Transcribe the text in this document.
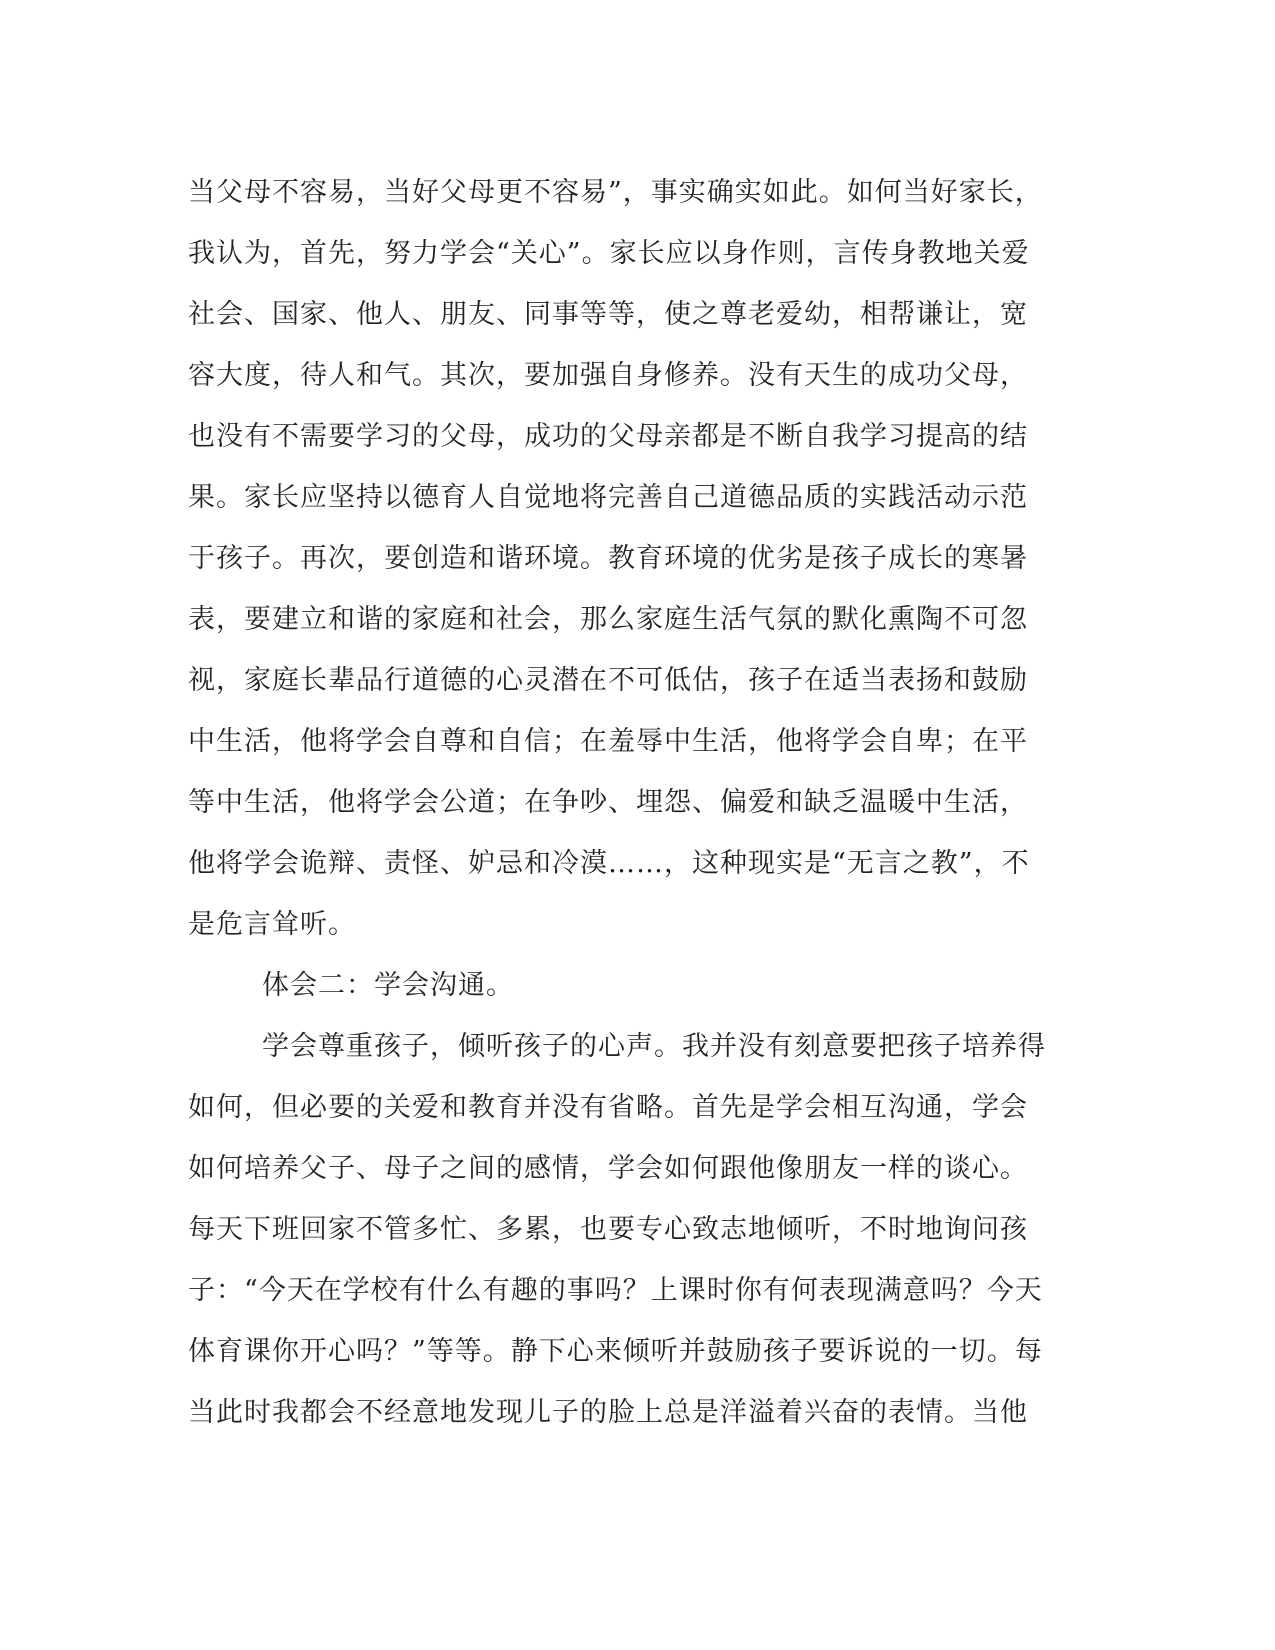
当父母不容易，当好父母更不容易”，事实确实如此。如何当好家长，
我认为，首先，努力学会“关心”。家长应以身作则，言传身教地关爱
社会、国家、他人、朋友、同事等等，使之尊老爱幼，相帮谦让，宽
容大度，待人和气。其次，要加强自身修养。没有天生的成功父母，
也没有不需要学习的父母，成功的父母亲都是不断自我学习提高的结
果。家长应坚持以德育人自觉地将完善自己道德品质的实践活动示范
于孩子。再次，要创造和谐环境。教育环境的优劣是孩子成长的寒暑
表，要建立和谐的家庭和社会，那么家庭生活气氛的默化熏陶不可忽
视，家庭长辈品行道德的心灵潜在不可低估，孩子在适当表扬和鼓励
中生活，他将学会自尊和自信；在羞辱中生活，他将学会自卑；在平
等中生活，他将学会公道；在争吵、埋怨、偏爱和缺乏温暖中生活，
他将学会诡辩、责怪、妒忌和冷漠……，这种现实是“无言之教”，不
是危言耸听。
体会二：学会沟通。
学会尊重孩子，倾听孩子的心声。我并没有刻意要把孩子培养得
如何，但必要的关爱和教育并没有省略。首先是学会相互沟通，学会
如何培养父子、母子之间的感情，学会如何跟他像朋友一样的谈心。
每天下班回家不管多忙、多累，也要专心致志地倾听，不时地询问孩
子：“今天在学校有什么有趣的事吗？上课时你有何表现满意吗？今天
体育课你开心吗？”等等。静下心来倾听并鼓励孩子要诉说的一切。每
当此时我都会不经意地发现儿子的脸上总是洋溢着兴奋的表情。当他
